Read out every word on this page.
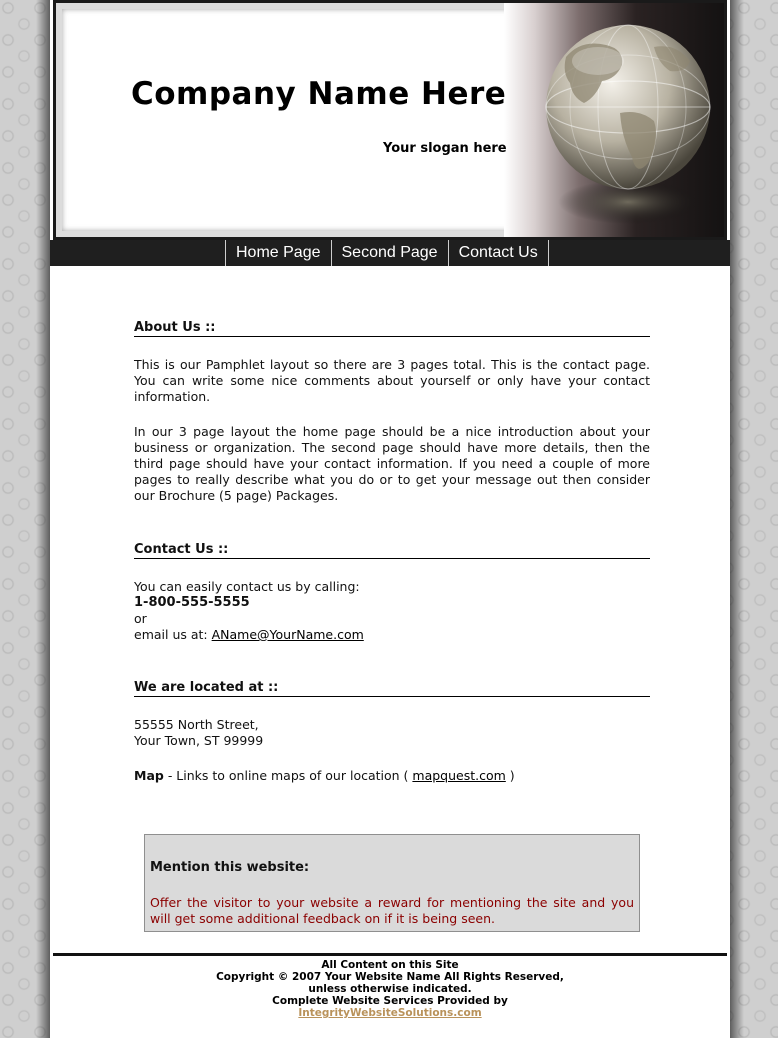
Company Name Here
Your slogan here
Home Page	Second Page	Contact Us
About Us ::

This is our Pamphlet layout so there are 3 pages total. This is the contact page. You can write some nice comments about yourself or only have your contact information.

In our 3 page layout the home page should be a nice introduction about your business or organization. The second page should have more details, then the third page should have your contact information. If you need a couple of more pages to really describe what you do or to get your message out then consider our Brochure (5 page) Packages.

Contact Us ::

You can easily contact us by calling:

1-800-555-5555

or

email us at: AName@YourName.com

We are located at ::

55555 North Street,

Your Town, ST 99999

Map - Links to online maps of our location ( mapquest.com )

Mention this website:

Offer the visitor to your website a reward for mentioning the site and you will get some additional feedback on if it is being seen.

All Content on this Site
Copyright © 2007 Your Website Name All Rights Reserved,
unless otherwise indicated.
Complete Website Services Provided by
IntegrityWebsiteSolutions.com
